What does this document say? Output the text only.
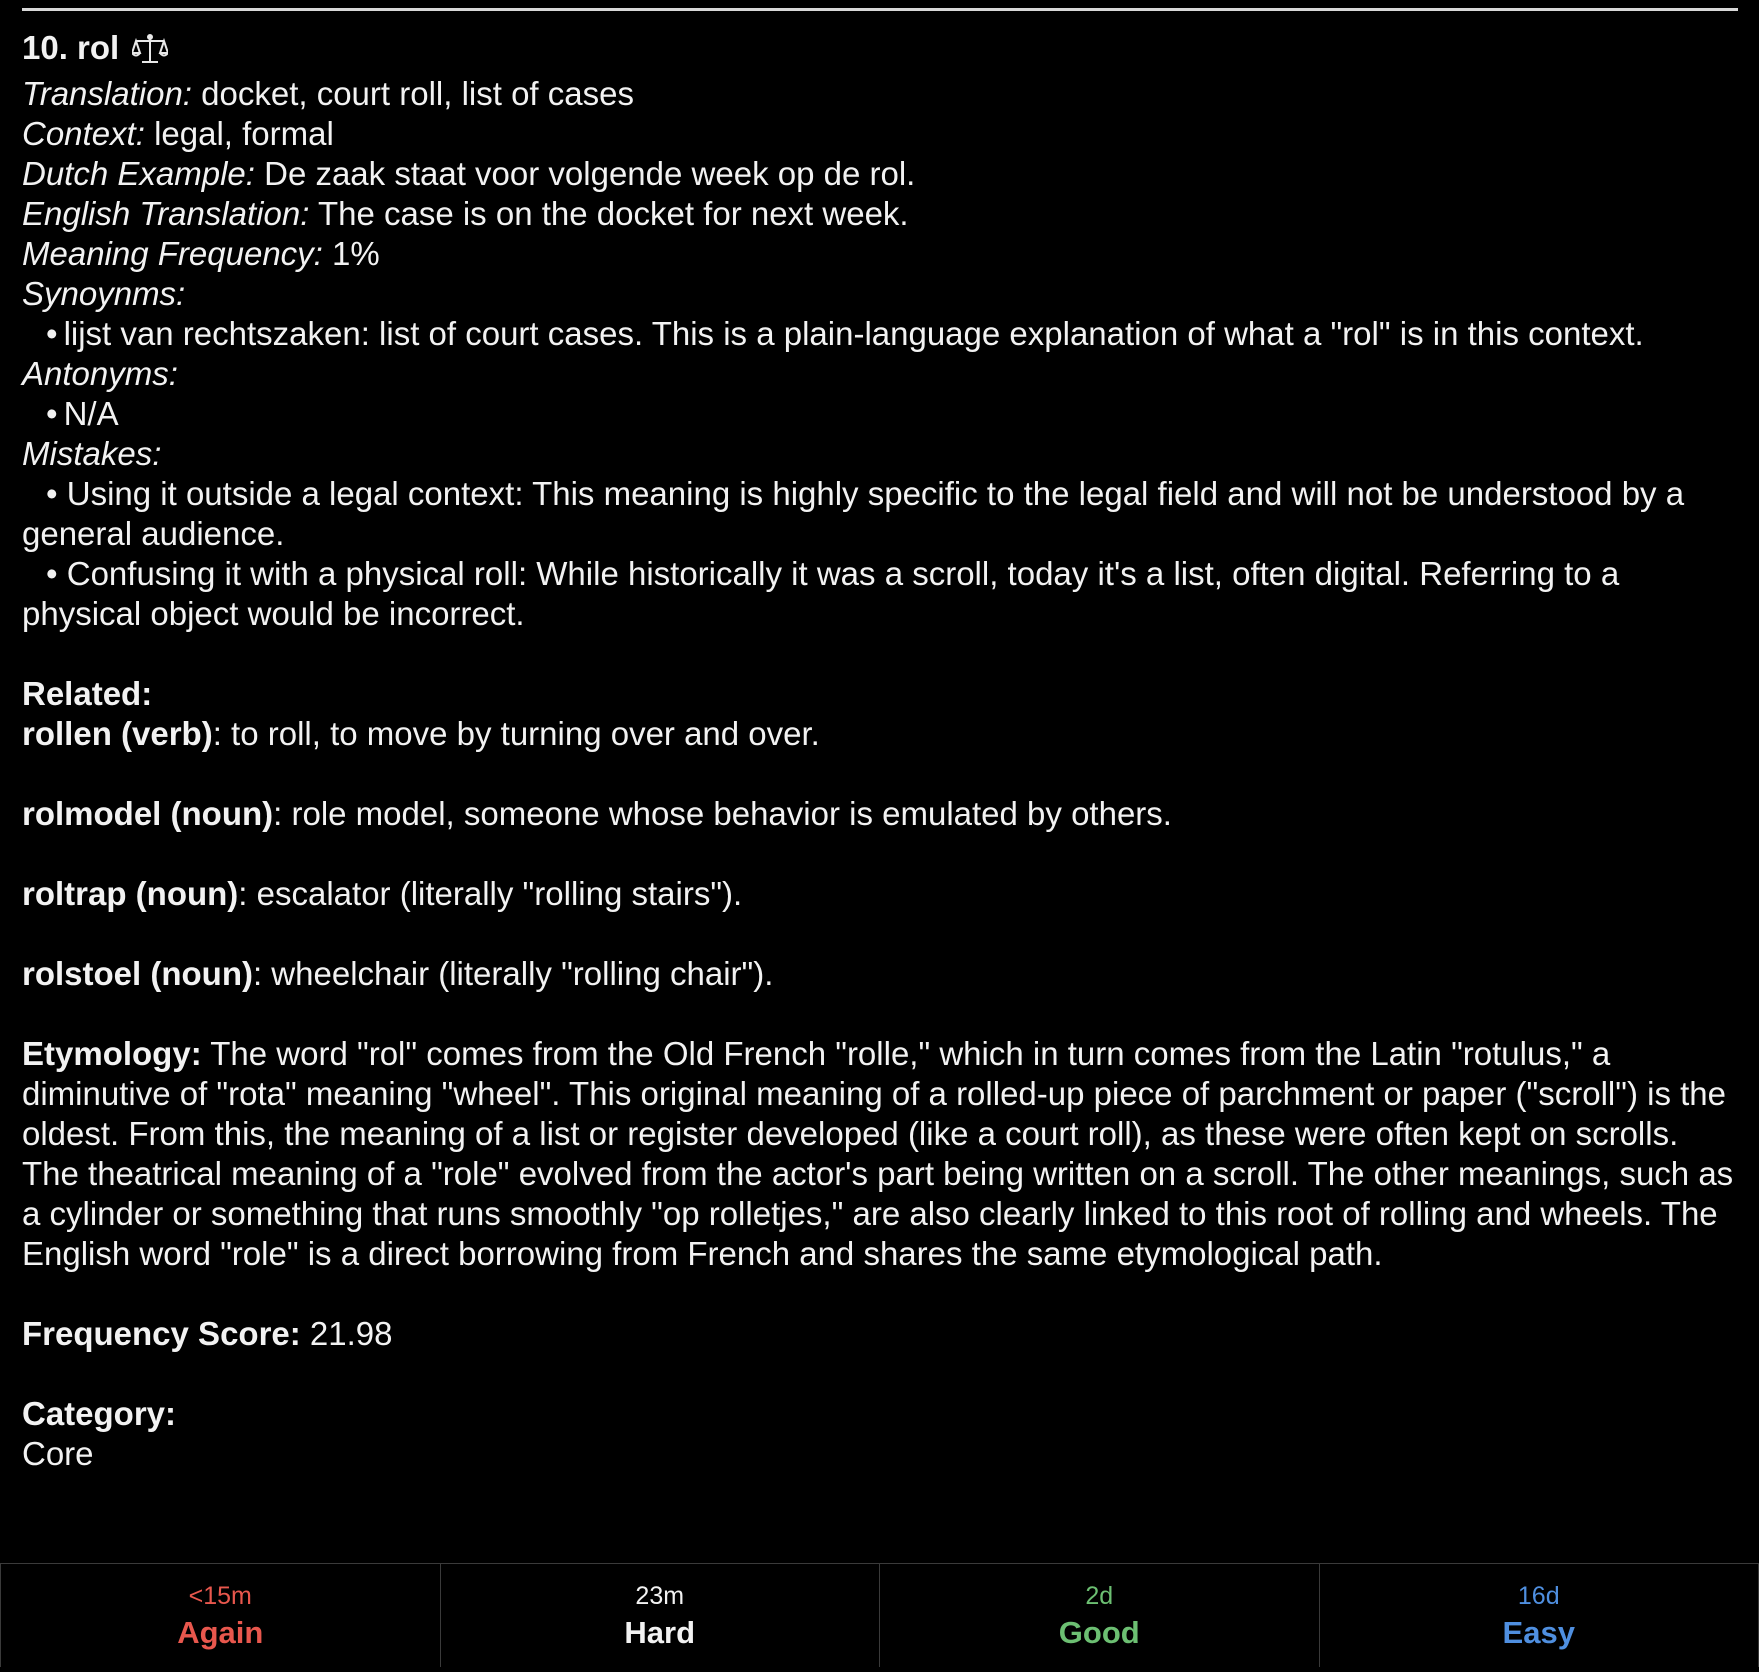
10. rol
Translation: docket, court roll, list of cases
Context: legal, formal
Dutch Example: De zaak staat voor volgende week op de rol.
English Translation: The case is on the docket for next week.
Meaning Frequency: 1%
Synoynms:
• lijst van rechtszaken: list of court cases. This is a plain-language explanation of what a "rol" is in this context.
Antonyms:
• N/A
Mistakes:
• Using it outside a legal context: This meaning is highly specific to the legal field and will not be understood by a general audience.
• Confusing it with a physical roll: While historically it was a scroll, today it's a list, often digital. Referring to a physical object would be incorrect.
Related:
rollen (verb): to roll, to move by turning over and over.
rolmodel (noun): role model, someone whose behavior is emulated by others.
roltrap (noun): escalator (literally "rolling stairs").
rolstoel (noun): wheelchair (literally "rolling chair").
Etymology: The word "rol" comes from the Old French "rolle," which in turn comes from the Latin "rotulus," a diminutive of "rota" meaning "wheel". This original meaning of a rolled-up piece of parchment or paper ("scroll") is the oldest. From this, the meaning of a list or register developed (like a court roll), as these were often kept on scrolls. The theatrical meaning of a "role" evolved from the actor's part being written on a scroll. The other meanings, such as a cylinder or something that runs smoothly "op rolletjes," are also clearly linked to this root of rolling and wheels. The English word "role" is a direct borrowing from French and shares the same etymological path.
Frequency Score: 21.98
Category:
Core
<15m
Again
23m
Hard
2d
Good
16d
Easy
